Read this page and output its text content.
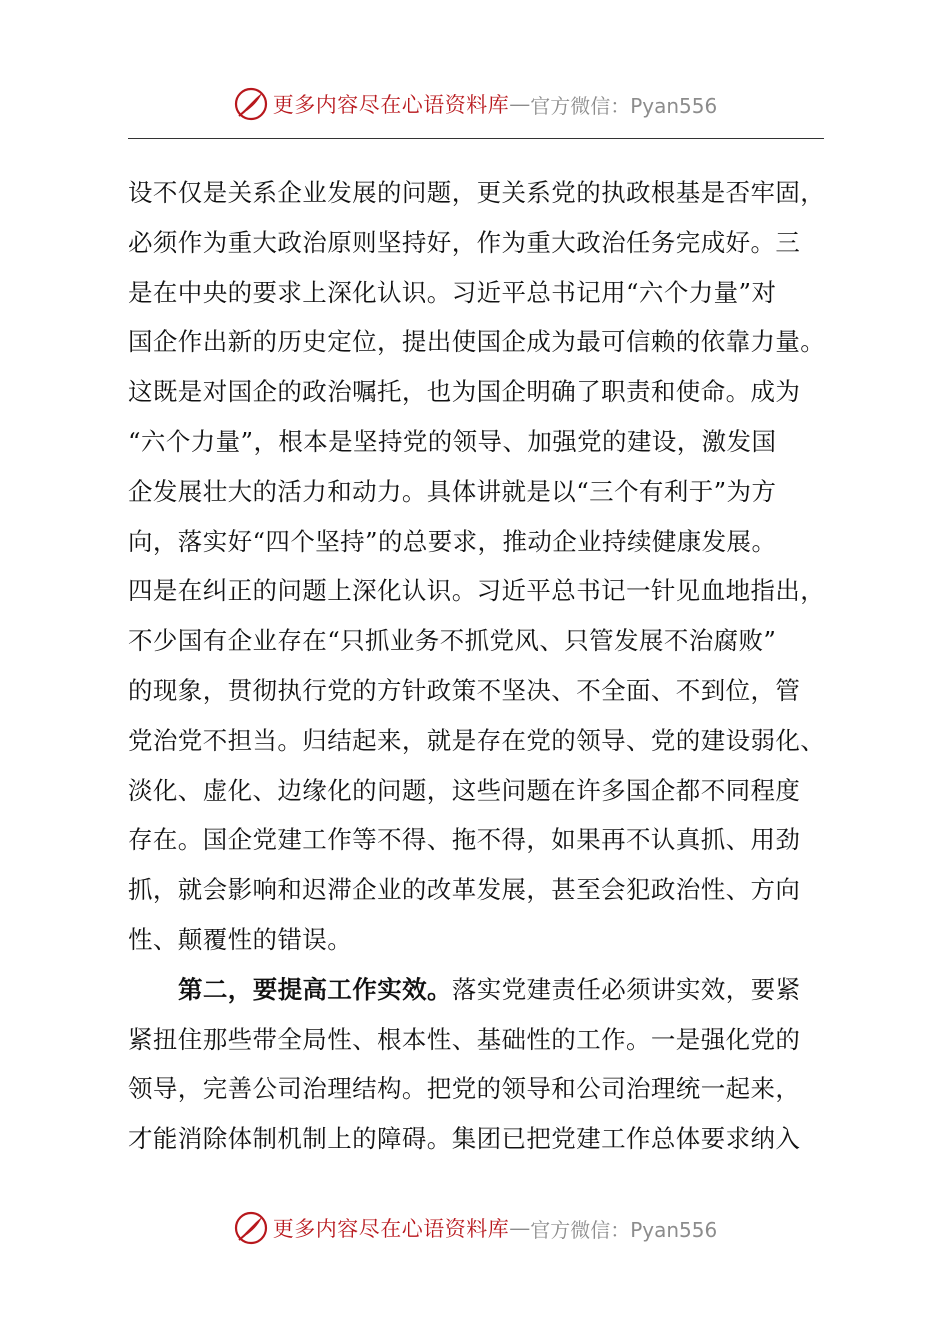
更多内容尽在心语资料库 — 官方微信：Pyan556
设不仅是关系企业发展的问题，更关系党的执政根基是否牢固，
必须作为重大政治原则坚持好，作为重大政治任务完成好。三
是在中央的要求上深化认识。习近平总书记用“六个力量”对
国企作出新的历史定位，提出使国企成为最可信赖的依靠力量。
这既是对国企的政治嘱托，也为国企明确了职责和使命。成为
“六个力量”，根本是坚持党的领导、加强党的建设，激发国
企发展壮大的活力和动力。具体讲就是以“三个有利于”为方
向，落实好“四个坚持”的总要求，推动企业持续健康发展。
四是在纠正的问题上深化认识。习近平总书记一针见血地指出，
不少国有企业存在“只抓业务不抓党风、只管发展不治腐败”
的现象，贯彻执行党的方针政策不坚决、不全面、不到位，管
党治党不担当。归结起来，就是存在党的领导、党的建设弱化、
淡化、虚化、边缘化的问题，这些问题在许多国企都不同程度
存在。国企党建工作等不得、拖不得，如果再不认真抓、用劲
抓，就会影响和迟滞企业的改革发展，甚至会犯政治性、方向
性、颠覆性的错误。
第二，要提高工作实效。落实党建责任必须讲实效，要紧
紧扭住那些带全局性、根本性、基础性的工作。一是强化党的
领导，完善公司治理结构。把党的领导和公司治理统一起来，
才能消除体制机制上的障碍。集团已把党建工作总体要求纳入
更多内容尽在心语资料库 — 官方微信：Pyan556
